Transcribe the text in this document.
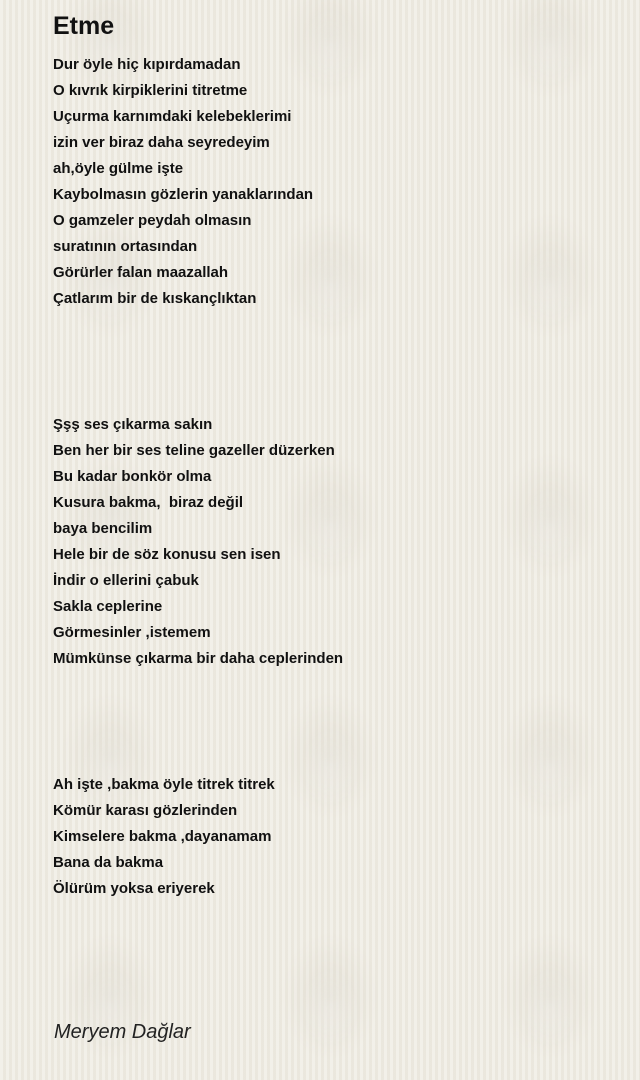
Etme
Dur öyle hiç kıpırdamadan
O kıvrık kirpiklerini titretme
Uçurma karnımdaki kelebeklerimi
izin ver biraz daha seyredeyim
ah,öyle gülme işte
Kaybolmasın gözlerin yanaklarından
O gamzeler peydah olmasın
suratının ortasından
Görürler falan maazallah
Çatlarım bir de kıskançlıktan
Şşş ses çıkarma sakın
Ben her bir ses teline gazeller düzerken
Bu kadar bonkör olma
Kusura bakma,  biraz değil
baya bencilim
Hele bir de söz konusu sen isen
İndir o ellerini çabuk
Sakla ceplerine
Görmesinler ,istemem
Mümkünse çıkarma bir daha ceplerinden
Ah işte ,bakma öyle titrek titrek
Kömür karası gözlerinden
Kimselere bakma ,dayanamam
Bana da bakma
Ölürüm yoksa eriyerek

Meryem Dağlar
